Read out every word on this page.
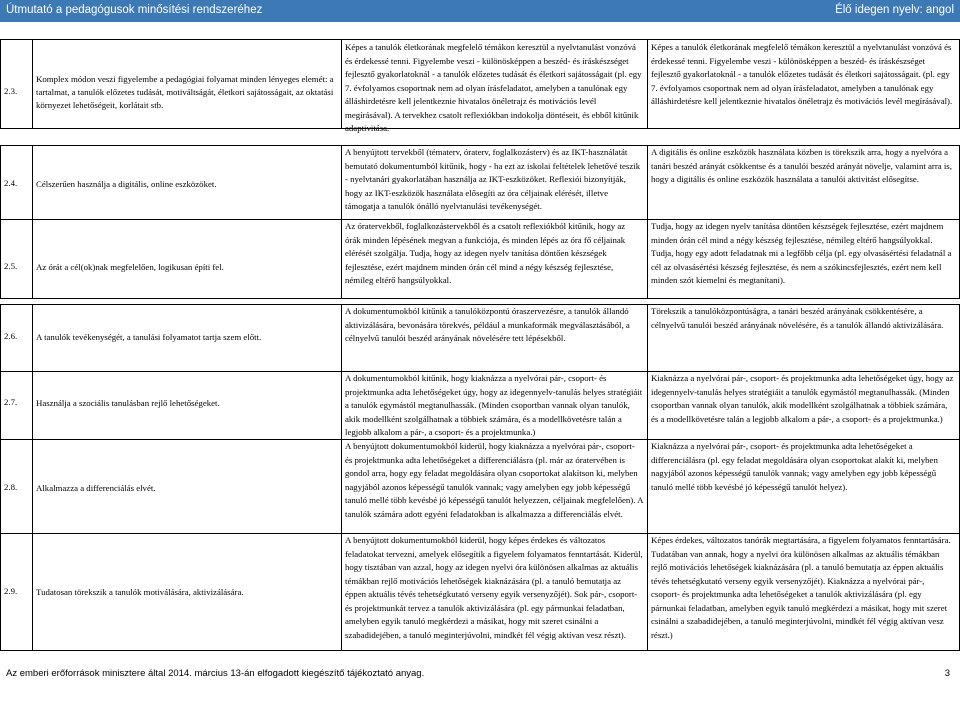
Útmutató a pedagógusok minősítési rendszeréhez	Élő idegen nyelv: angol
2.3.
Komplex módon veszi figyelembe a pedagógiai folyamat minden lényeges elemét: a tartalmat, a tanulók előzetes tudását, motiváltságát, életkori sajátosságait, az oktatási környezet lehetőségeit, korlátait stb.
Képes a tanulók életkorának megfelelő témákon keresztül a nyelvtanulást vonzóvá és érdekessé tenni. Figyelembe veszi - különösképpen a beszéd- és íráskészséget fejlesztő gyakorlatoknál - a tanulók előzetes tudását és életkori sajátosságait (pl. egy 7. évfolyamos csoportnak nem ad olyan írásfeladatot, amelyben a tanulónak egy álláshirdetésre kell jelentkeznie hivatalos önéletrajz és motivációs levél megírásával). A tervekhez csatolt reflexiókban indokolja döntéseit, és ebből kitűnik adaptivitása.
Képes a tanulók életkorának megfelelő témákon keresztül a nyelvtanulást vonzóvá és érdekessé tenni. Figyelembe veszi - különösképpen a beszéd- és íráskészséget fejlesztő gyakorlatoknál - a tanulók előzetes tudását és életkori sajátosságait. (pl. egy 7. évfolyamos csoportnak nem ad olyan írásfeladatot, amelyben a tanulónak egy álláshirdetésre kell jelentkeznie hivatalos önéletrajz és motivációs levél megírásával).
2.4. Célszerűen használja a digitális, online eszközöket.
A benyújtott tervekből (tématerv, óraterv, foglalkozásterv) és az IKT-használatát bemutató dokumentumból kitűnik, hogy - ha ezt az iskolai feltételek lehetővé teszik - nyelvtanári gyakorlatában használja az IKT-eszközöket. Reflexiói bizonyítják, hogy az IKT-eszközök használata elősegíti az óra céljainak elérését, illetve támogatja a tanulók önálló nyelvtanulási tevékenységét.
A digitális és online eszközök használata közben is törekszik arra, hogy a nyelvóra a tanári beszéd arányát csökkentse és a tanulói beszéd arányát növelje, valamint arra is, hogy a digitális és online eszközök használata a tanulói aktivitást elősegítse.
2.5. Az órát a cél(ok)nak megfelelően, logikusan építi fel.
Az óratervekből, foglalkozástervekből és a csatolt reflexiókból kitűnik, hogy az órák minden lépésének megvan a funkciója, és minden lépés az óra fő céljainak elérését szolgálja. Tudja, hogy az idegen nyelv tanítása döntően készségek fejlesztése, ezért majdnem minden órán cél mind a négy készség fejlesztése, némileg eltérő hangsúlyokkal.
Tudja, hogy az idegen nyelv tanítása döntően készségek fejlesztése, ezért majdnem minden órán cél mind a négy készség fejlesztése, némileg eltérő hangsúlyokkal. Tudja, hogy egy adott feladatnak mi a legfőbb célja (pl. egy olvasásértési feladatnál a cél az olvasásértési készség fejlesztése, és nem a szókincsfejlesztés, ezért nem kell minden szót kiemelni és megtanítani).
2.6. A tanulók tevékenységét, a tanulási folyamatot tartja szem előtt.
A dokumentumokból kitűnik a tanulóközpontú óraszervezésre, a tanulók állandó aktivizálására, bevonására törekvés, például a munkaformák megválasztásából, a célnyelvű tanulói beszéd arányának növelésére tett lépésekből.
Törekszik a tanulóközpontúságra, a tanári beszéd arányának csökkentésére, a célnyelvű tanulói beszéd arányának növelésére, és a tanulók állandó aktivizálására.
2.7. Használja a szociális tanulásban rejlő lehetőségeket.
A dokumentumokból kitűnik, hogy kiaknázza a nyelvórai pár-, csoport- és projektmunka adta lehetőségeket úgy, hogy az idegennyelv-tanulás helyes stratégiáit a tanulók egymástól megtanulhassák. (Minden csoportban vannak olyan tanulók, akik modellként szolgálhatnak a többiek számára, és a modellkövetésre talán a legjobb alkalom a pár-, a csoport- és a projektmunka.)
Kiaknázza a nyelvórai pár-, csoport- és projektmunka adta lehetőségeket úgy, hogy az idegennyelv-tanulás helyes stratégiáit a tanulók egymástól megtanulhassák. (Minden csoportban vannak olyan tanulók, akik modellként szolgálhatnak a többiek számára, és a modellkövetésre talán a legjobb alkalom a pár-, a csoport- és a projektmunka.)
2.8. Alkalmazza a differenciálás elvét.
A benyújtott dokumentumokból kiderül, hogy kiaknázza a nyelvórai pár-, csoport- és projektmunka adta lehetőségeket a differenciálásra (pl. már az óratervében is gondol arra, hogy egy feladat megoldására olyan csoportokat alakítson ki, melyben nagyjából azonos képességű tanulók vannak; vagy amelyben egy jobb képességű tanuló mellé több kevésbé jó képességű tanulót helyezzen, céljainak megfelelően). A tanulók számára adott egyéni feladatokban is alkalmazza a differenciálás elvét.
Kiaknázza a nyelvórai pár-, csoport- és projektmunka adta lehetőségeket a differenciálásra (pl. egy feladat megoldására olyan csoportokat alakít ki, melyben nagyjából azonos képességű tanulók vannak; vagy amelyben egy jobb képességű tanuló mellé több kevésbé jó képességű tanulót helyez).
2.9. Tudatosan törekszik a tanulók motiválására, aktivizálására.
A benyújtott dokumentumokból kiderül, hogy képes érdekes és változatos feladatokat tervezni, amelyek elősegítik a figyelem folyamatos fenntartását. Kiderül, hogy tisztában van azzal, hogy az idegen nyelvi óra különösen alkalmas az aktuális témákban rejlő motivációs lehetőségek kiaknázására (pl. a tanuló bemutatja az éppen aktuális tévés tehetségkutató verseny egyik versenyzőjét). Sok pár-, csoport- és projektmunkát tervez a tanulók aktivizálására (pl. egy pármunkai feladatban, amelyben egyik tanuló megkérdezi a másikat, hogy mit szeret csinálni a szabadidejében, a tanuló meginterjúvolni, mindkét fél végig aktívan vesz részt).
Képes érdekes, változatos tanórák megtartására, a figyelem folyamatos fenntartására. Tudatában van annak, hogy a nyelvi óra különösen alkalmas az aktuális témákban rejlő motivációs lehetőségek kiaknázására (pl. a tanuló bemutatja az éppen aktuális tévés tehetségkutató verseny egyik versenyzőjét). Kiaknázza a nyelvórai pár-, csoport- és projektmunka adta lehetőségeket a tanulók aktivizálására (pl. egy párnunkai feladatban, amelyben egyik tanuló megkérdezi a másikat, hogy mit szeret csinálni a szabadidejében, a tanuló meginterjúvolni, mindkét fél végig aktívan vesz részt.)
Az emberi erőforrások minisztere által 2014. március 13-án elfogadott kiegészítő tájékoztató anyag.	3
